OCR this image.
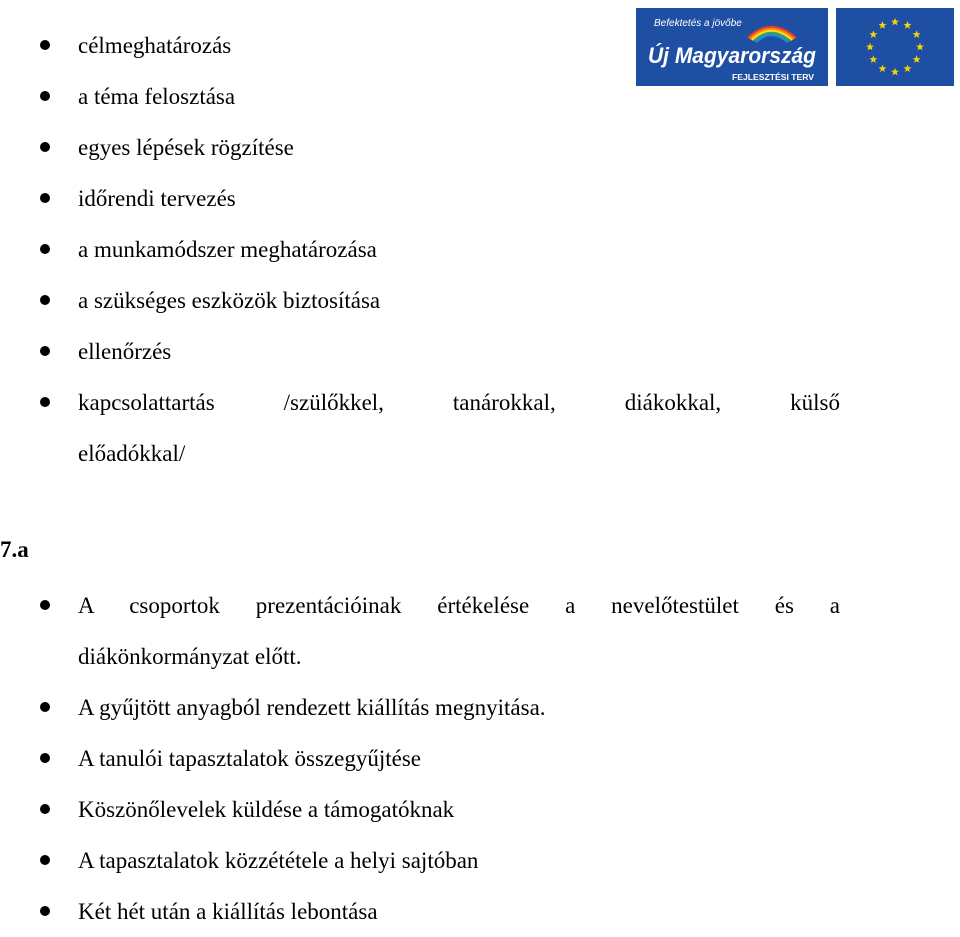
Befektetés a jövőbe
Új Magyarország
FEJLESZTÉSI TERV
célmeghatározás
a téma felosztása
egyes lépések rögzítése
időrendi tervezés
a munkamódszer meghatározása
a szükséges eszközök biztosítása
ellenőrzés
kapcsolattartás /szülőkkel, tanárokkal, diákokkal, külső
előadókkal/
7.a
A csoportok prezentációinak értékelése a nevelőtestület és a
diákönkormányzat előtt.
A gyűjtött anyagból rendezett kiállítás megnyitása.
A tanulói tapasztalatok összegyűjtése
Köszönőlevelek küldése a támogatóknak
A tapasztalatok közzététele a helyi sajtóban
Két hét után a kiállítás lebontása
